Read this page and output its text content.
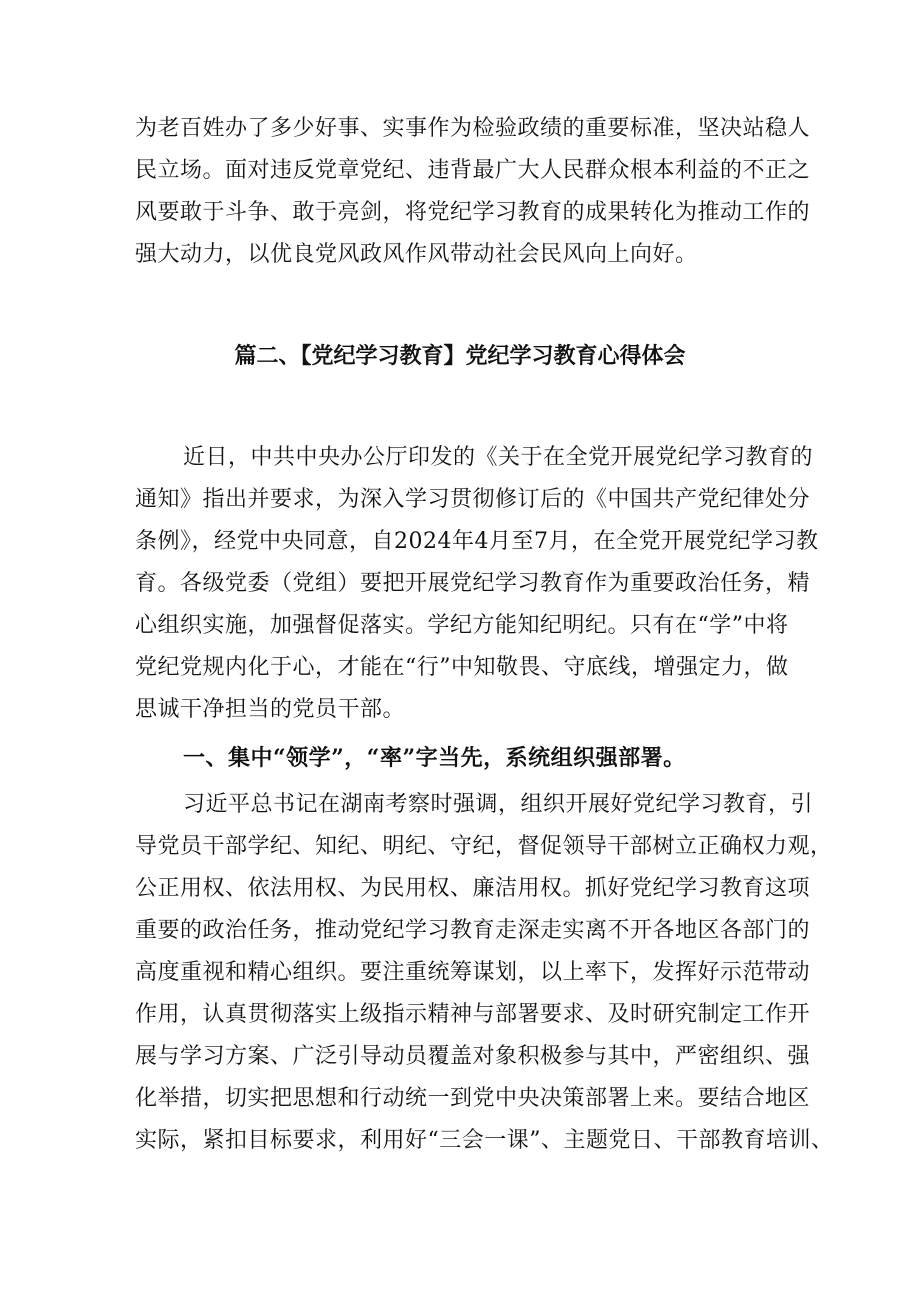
为老百姓办了多少好事、实事作为检验政绩的重要标准，坚决站稳人
民立场。面对违反党章党纪、违背最广大人民群众根本利益的不正之
风要敢于斗争、敢于亮剑，将党纪学习教育的成果转化为推动工作的
强大动力，以优良党风政风作风带动社会民风向上向好。
篇二、【党纪学习教育】党纪学习教育心得体会
近日，中共中央办公厅印发的《关于在全党开展党纪学习教育的
通知》指出并要求，为深入学习贯彻修订后的《中国共产党纪律处分
条例》，经党中央同意，自2024年4月至7月，在全党开展党纪学习教
育。各级党委（党组）要把开展党纪学习教育作为重要政治任务，精
心组织实施，加强督促落实。学纪方能知纪明纪。只有在“学”中将
党纪党规内化于心，才能在“行”中知敬畏、守底线，增强定力，做
思诚干净担当的党员干部。
一、集中“领学”，“率”字当先，系统组织强部署。
习近平总书记在湖南考察时强调，组织开展好党纪学习教育，引
导党员干部学纪、知纪、明纪、守纪，督促领导干部树立正确权力观，
公正用权、依法用权、为民用权、廉洁用权。抓好党纪学习教育这项
重要的政治任务，推动党纪学习教育走深走实离不开各地区各部门的
高度重视和精心组织。要注重统筹谋划，以上率下，发挥好示范带动
作用，认真贯彻落实上级指示精神与部署要求、及时研究制定工作开
展与学习方案、广泛引导动员覆盖对象积极参与其中，严密组织、强
化举措，切实把思想和行动统一到党中央决策部署上来。要结合地区
实际，紧扣目标要求，利用好“三会一课”、主题党日、干部教育培训、
